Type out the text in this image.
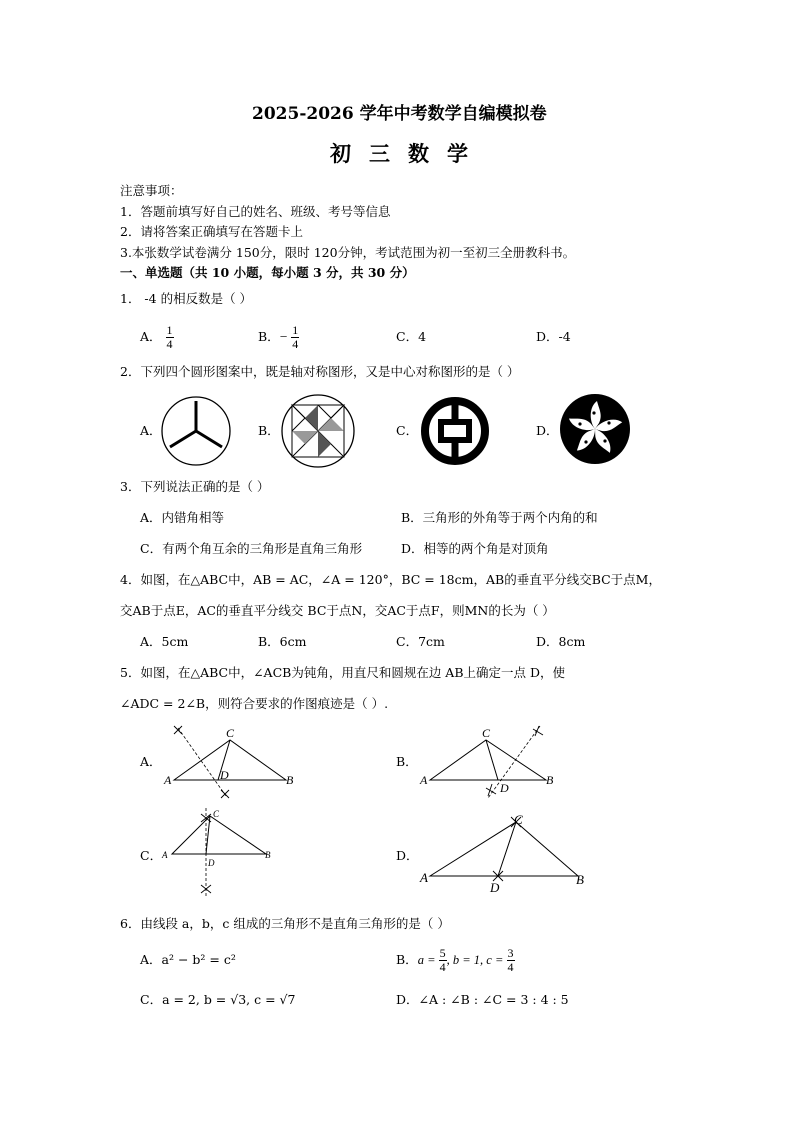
2025-2026 学年中考数学自编模拟卷
初三数学
注意事项：
1．答题前填写好自己的姓名、班级、考号等信息
2．请将答案正确填写在答题卡上
3.本张数学试卷满分 150分，限时 120分钟，考试范围为初一至初三全册教科书。
一、单选题（共 10 小题，每小题 3 分，共 30 分）
1． -4 的相反数是（ ）
A． $\frac{1}{4}$	B．− $\frac{1}{4}$	C．4	D．-4
2．下列四个圆形图案中，既是轴对称图形，又是中心对称图形的是（ ）
A．	B．	C．	D．
3．下列说法正确的是（ ）
A．内错角相等	B．三角形的外角等于两个内角的和
C．有两个角互余的三角形是直角三角形	D．相等的两个角是对顶角
4．如图，在△ABC中，AB = AC，∠A = 120°，BC = 18cm，AB的垂直平分线交BC于点M，
交AB于点E，AC的垂直平分线交 BC于点N，交AC于点F，则MN的长为（ ）
A．5cm	B．6cm	C．7cm	D．8cm
5．如图，在△ABC中，∠ACB为钝角，用直尺和圆规在边 AB上确定一点 D，使
∠ADC = 2∠B，则符合要求的作图痕迹是（ ）.
A．	B．
C．	D．
A	B
C
D	A	B
C
D
A	B
C
D
A	B
C
D
6．由线段 a，b，c 组成的三角形不是直角三角形的是（ ）
A．a² − b² = c²	B．$a = \frac{5}{4}$ , b = 1, $c = \frac{3}{4}$
C．a = 2, b = √3, c = √7	D．∠A : ∠B : ∠C = 3 : 4 : 5
